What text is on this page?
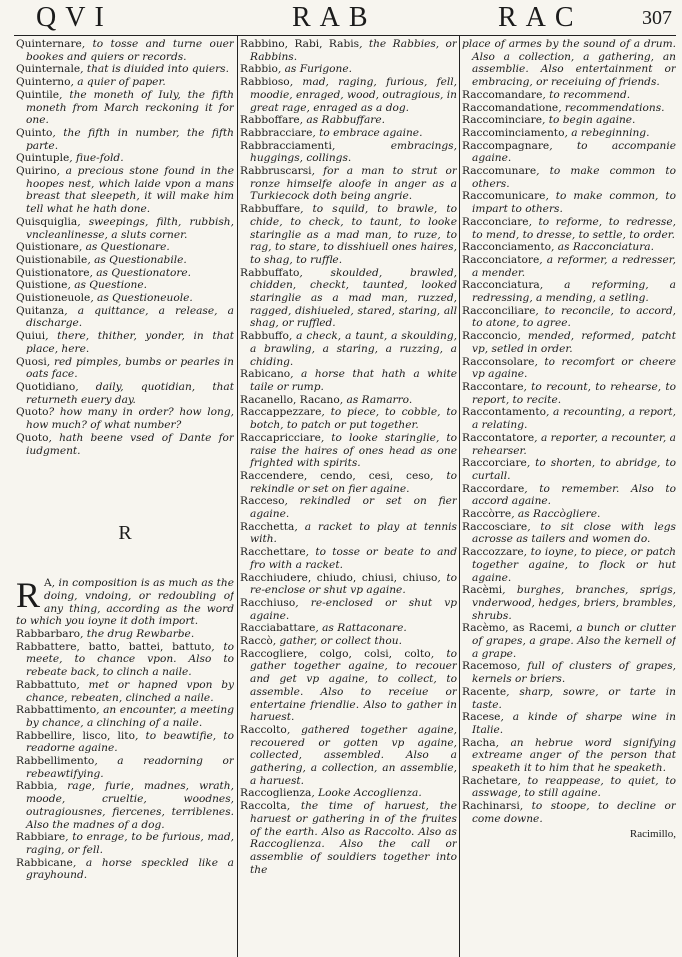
QVI	RAB	RAC	307
Quinternare, to tosse and turne ouer bookes and quiers or records.
Quinternale, that is diuided into quiers.
Quinterno, a quier of paper.
Quintile, the moneth of Iuly, the fifth moneth from March reckoning it for one.
Quinto, the fifth in number, the fifth parte.
Quintuple, fiue-fold.
Quirino, a precious stone found in the hoopes nest, which laide vpon a mans breast that sleepeth, it will make him tell what he hath done.
Quisquiglia, sweepings, filth, rubbish, vncleanlinesse, a sluts corner.
Quistionare, as Questionare.
Quistionabile, as Questionabile.
Quistionatore, as Questionatore.
Quistione, as Questione.
Quistioneuole, as Questioneuole.
Quitanza, a quittance, a release, a discharge.
Quiui, there, thither, yonder, in that place, here.
Quosi, red pimples, bumbs or pearles in oats face.
Quotidiano, daily, quotidian, that returneth euery day.
Quoto? how many in order? how long, how much? of what number?
Quoto, hath beene vsed of Dante for iudgment.
R
R A, in composition is as much as the doing, vndoing, or redoubling of any thing, according as the word to which you ioyne it doth import.
Rabbarbaro, the drug Rewbarbe.
Rabbattere, batto, battei, battuto, to meete, to chance vpon. Also to rebeate back, to clinch a naile.
Rabbattuto, met or hapned vpon by chance, rebeaten, clinched a naile.
Rabbattimento, an encounter, a meeting by chance, a clinching of a naile.
Rabbellire, lisco, lito, to beawtifie, to readorne againe.
Rabbellimento, a readorning or rebeawtifying.
Rabbia, rage, furie, madnes, wrath, moode, crueltie, woodnes, outragiousnes, fiercenes, terriblenes. Also the madnes of a dog.
Rabbiare, to enrage, to be furious, mad, raging, or fell.
Rabbicane, a horse speckled like a grayhound.
Rabbino, Rabi, Rabis, the Rabbies, or Rabbins.
Rabbio, as Furigone.
Rabbioso, mad, raging, furious, fell, moodie, enraged, wood, outragious, in great rage, enraged as a dog.
Rabboffare, as Rabbuffare.
Rabbracciare, to embrace againe.
Rabbracciamenti, embracings, huggings, collings.
Rabbruscarsi, for a man to strut or ronze himselfe aloofe in anger as a Turkiecock doth being angrie.
Rabbuffare, to squild, to brawle, to chide, to check, to taunt, to looke staringlie as a mad man, to ruze, to rag, to stare, to disshiuell ones haires, to shag, to ruffle.
Rabbuffato, skoulded, brawled, chidden, checkt, taunted, looked staringlie as a mad man, ruzzed, ragged, dishiueled, stared, staring, all shag, or ruffled.
Rabbuffo, a check, a taunt, a skoulding, a brawling, a staring, a ruzzing, a chiding.
Rabicano, a horse that hath a white taile or rump.
Racanello, Racano, as Ramarro.
Raccappezzare, to piece, to cobble, to botch, to patch or put together.
Raccapricciare, to looke staringlie, to raise the haires of ones head as one frighted with spirits.
Raccendere, cendo, cesi, ceso, to rekindle or set on fier againe.
Racceso, rekindled or set on fier againe.
Racchetta, a racket to play at tennis with.
Racchettare, to tosse or beate to and fro with a racket.
Racchiudere, chiudo, chiusi, chiuso, to re-enclose or shut vp againe.
Racchiuso, re-enclosed or shut vp againe.
Racciabattare, as Rattaconare.
Raccò, gather, or collect thou.
Raccogliere, colgo, colsi, colto, to gather together againe, to recouer and get vp againe, to collect, to assemble. Also to receiue or entertaine friendlie. Also to gather in haruest.
Raccolto, gathered together againe, recouered or gotten vp againe, collected, assembled. Also a gathering, a collection, an assemblie, a haruest.
Raccoglienza, Looke Accoglienza.
Raccolta, the time of haruest, the haruest or gathering in of the fruites of the earth. Also as Raccolto. Also as Raccoglienza. Also the call or assemblie of souldiers together into the
place of armes by the sound of a drum. Also a collection, a gathering, an assemblie. Also entertainment or embracing, or receiuing of friends.
Raccomandare, to recommend.
Raccomandatione, recommendations.
Raccominciare, to begin againe.
Raccominciamento, a rebeginning.
Raccompagnare, to accompanie againe.
Raccomunare, to make common to others.
Raccomunicare, to make common, to impart to others.
Racconciare, to reforme, to redresse, to mend, to dresse, to settle, to order.
Racconciamento, as Racconciatura.
Racconciatore, a reformer, a redresser, a mender.
Racconciatura, a reforming, a redressing, a mending, a setling.
Racconciliare, to reconcile, to accord, to atone, to agree.
Racconcio, mended, reformed, patcht vp, setled in order.
Racconsolare, to recomfort or cheere vp againe.
Raccontare, to recount, to rehearse, to report, to recite.
Raccontamento, a recounting, a report, a relating.
Raccontatore, a reporter, a recounter, a rehearser.
Raccorciare, to shorten, to abridge, to curtall.
Raccordare, to remember. Also to accord againe.
Raccòrre, as Raccògliere.
Raccosciare, to sit close with legs acrosse as tailers and women do.
Raccozzare, to ioyne, to piece, or patch together againe, to flock or hut againe.
Racèmi, burghes, branches, sprigs, vnderwood, hedges, briers, brambles, shrubs.
Racèmo, as Racemi, a bunch or clutter of grapes, a grape. Also the kernell of a grape.
Racemoso, full of clusters of grapes, kernels or briers.
Racente, sharp, sowre, or tarte in taste.
Racese, a kinde of sharpe wine in Italie.
Racha, an hebrue word signifying extreame anger of the person that speaketh it to him that he speaketh.
Rachetare, to reappease, to quiet, to asswage, to still againe.
Rachinarsi, to stoope, to decline or come downe.
Racimillo,
